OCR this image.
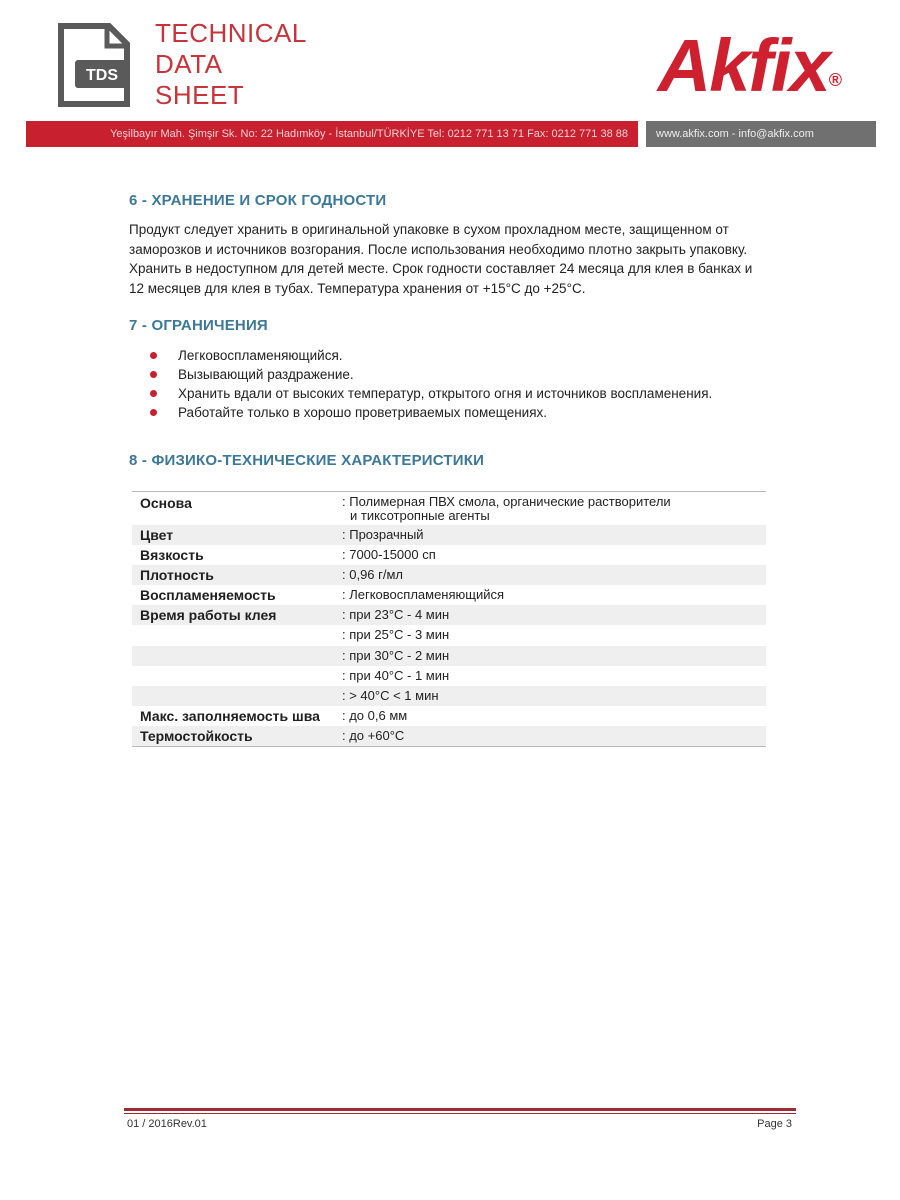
TDS
TECHNICAL
DATA
SHEET	Akfix®
Yeşilbayır Mah. Şimşir Sk. No: 22 Hadımköy - İstanbul/TÜRKİYE Tel: 0212 771 13 71 Fax: 0212 771 38 88	www.akfix.com - info@akfix.com
6 - ХРАНЕНИЕ И СРОК ГОДНОСТИ

Продукт следует хранить в оригинальной упаковке в сухом прохладном месте, защищенном от

заморозков и источников возгорания. После использования необходимо плотно закрыть упаковку.

Хранить в недоступном для детей месте. Срок годности составляет 24 месяца для клея в банках и

12 месяцев для клея в тубах. Температура хранения от +15°С до +25°С.

7 - ОГРАНИЧЕНИЯ
Легковоспламеняющийся.
Вызывающий раздражение.
Хранить вдали от высоких температур, открытого огня и источников воспламенения.
Работайте только в хорошо проветриваемых помещениях.
8 - ФИЗИКО-ТЕХНИЧЕСКИЕ ХАРАКТЕРИСТИКИ
Основа	: Полимерная ПВХ смола, органические растворители
и тиксотропные агенты
Цвет	: Прозрачный
Вязкость	: 7000-15000 сп
Плотность	: 0,96 г/мл
Воспламеняемость	: Легковоспламеняющийся
Время работы клея	: при 23°С - 4 мин
: при 25°С - 3 мин
: при 30°С - 2 мин
: при 40°С - 1 мин
: > 40°С < 1 мин
Макс. заполняемость шва	: до 0,6 мм
Термостойкость	: до +60°С
01 / 2016Rev.01	Page 3
